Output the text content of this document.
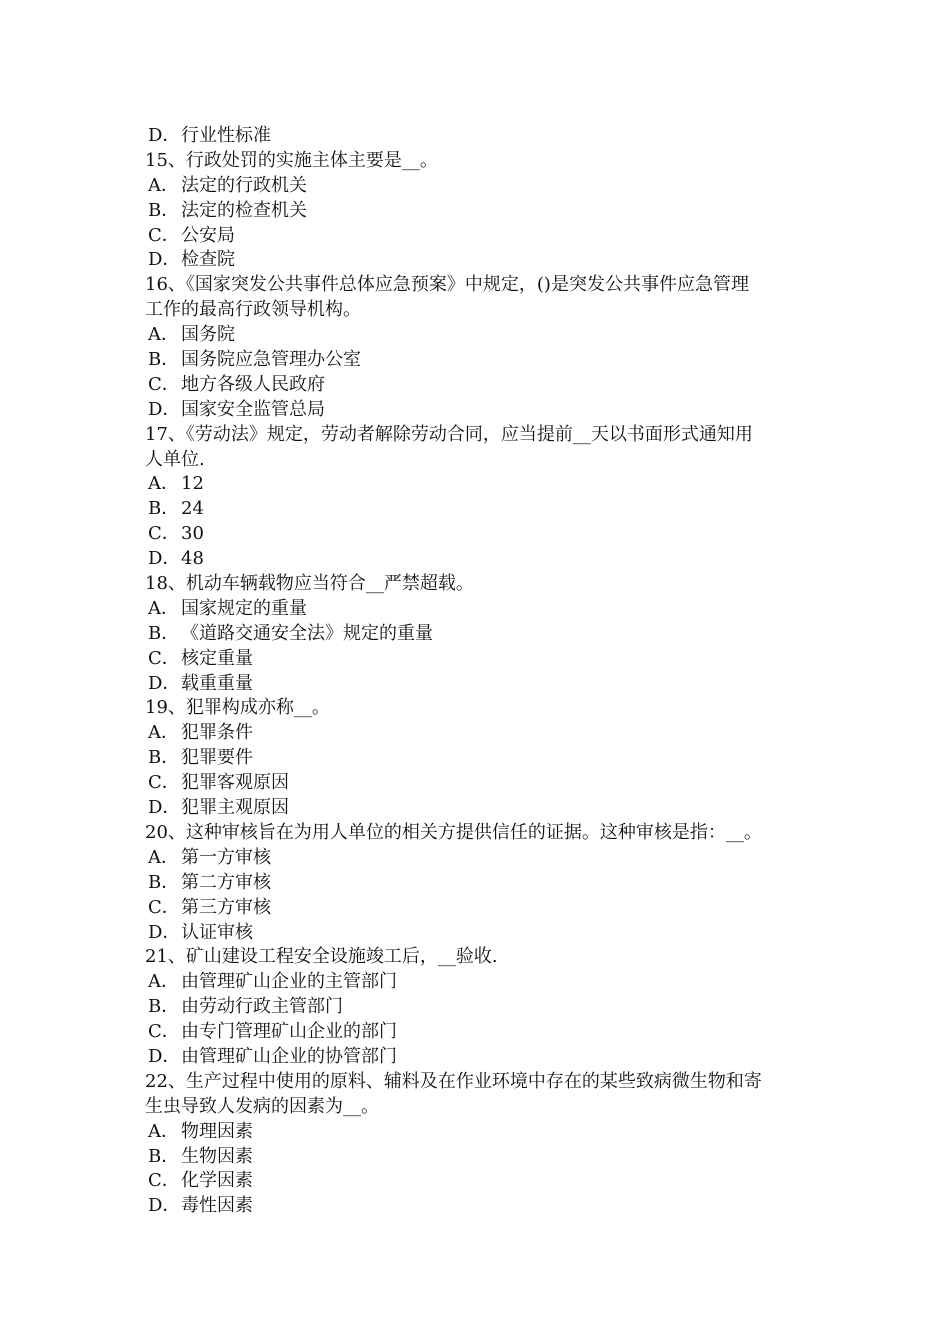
D．行业性标准
15、行政处罚的实施主体主要是__。
A． 法定的行政机关
B．法定的检查机关
C．公安局
D．检查院
16、《国家突发公共事件总体应急预案》中规定，()是突发公共事件应急管理
工作的最高行政领导机构。
A． 国务院
B．国务院应急管理办公室
C．地方各级人民政府
D．国家安全监管总局
17、《劳动法》规定，劳动者解除劳动合同，应当提前__天以书面形式通知用
人单位.
A． 12
B．24
C．30
D．48
18、机动车辆载物应当符合__严禁超载。
A． 国家规定的重量
B．《道路交通安全法》规定的重量
C．核定重量
D．载重重量
19、犯罪构成亦称__。
A． 犯罪条件
B．犯罪要件
C．犯罪客观原因
D．犯罪主观原因
20、这种审核旨在为用人单位的相关方提供信任的证据。这种审核是指：__。
A． 第一方审核
B．第二方审核
C．第三方审核
D．认证审核
21、矿山建设工程安全设施竣工后，__验收.
A． 由管理矿山企业的主管部门
B．由劳动行政主管部门
C．由专门管理矿山企业的部门
D．由管理矿山企业的协管部门
22、生产过程中使用的原料、辅料及在作业环境中存在的某些致病微生物和寄
生虫导致人发病的因素为__。
A． 物理因素
B．生物因素
C．化学因素
D．毒性因素
